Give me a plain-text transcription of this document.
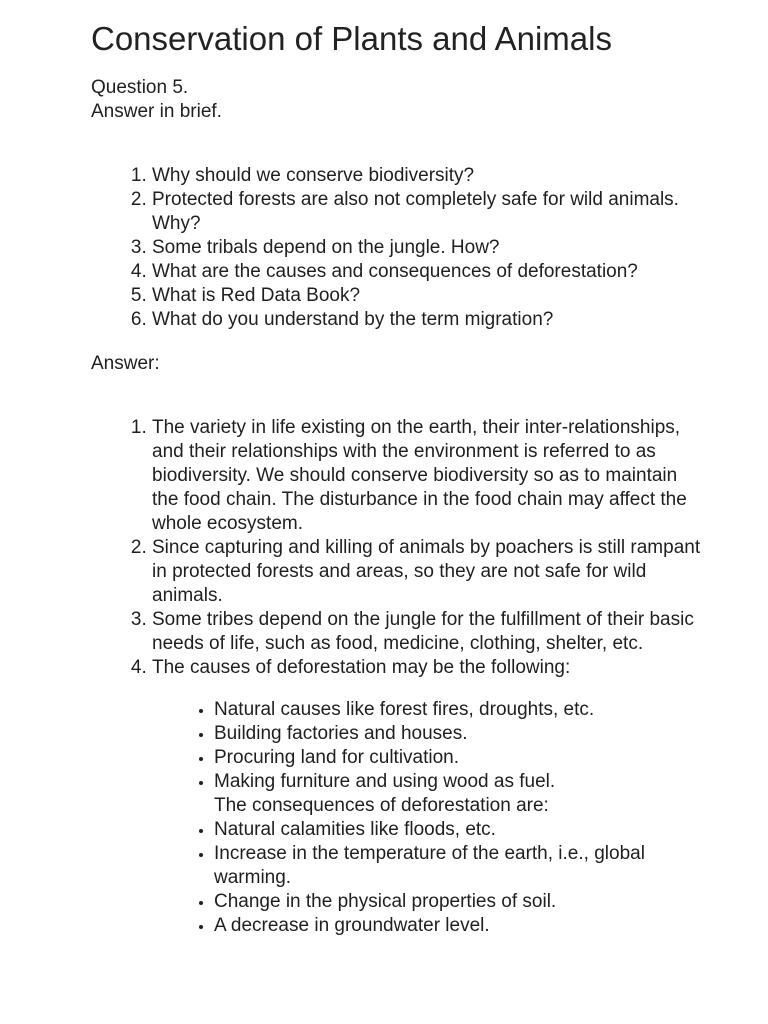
Conservation of Plants and Animals

Question 5.

Answer in brief.

1. Why should we conserve biodiversity?
2. Protected forests are also not completely safe for wild animals. Why?
3. Some tribals depend on the jungle. How?
4. What are the causes and consequences of deforestation?
5. What is Red Data Book?
6. What do you understand by the term migration?

Answer:

1. The variety in life existing on the earth, their inter-relationships, and their relationships with the environment is referred to as biodiversity. We should conserve biodiversity so as to maintain the food chain. The disturbance in the food chain may affect the whole ecosystem.
2. Since capturing and killing of animals by poachers is still rampant in protected forests and areas, so they are not safe for wild animals.
3. Some tribes depend on the jungle for the fulfillment of their basic needs of life, such as food, medicine, clothing, shelter, etc.
4. The causes of deforestation may be the following:
• Natural causes like forest fires, droughts, etc.
• Building factories and houses.
• Procuring land for cultivation.
• Making furniture and using wood as fuel.
The consequences of deforestation are:
• Natural calamities like floods, etc.
• Increase in the temperature of the earth, i.e., global warming.
• Change in the physical properties of soil.
• A decrease in groundwater level.
